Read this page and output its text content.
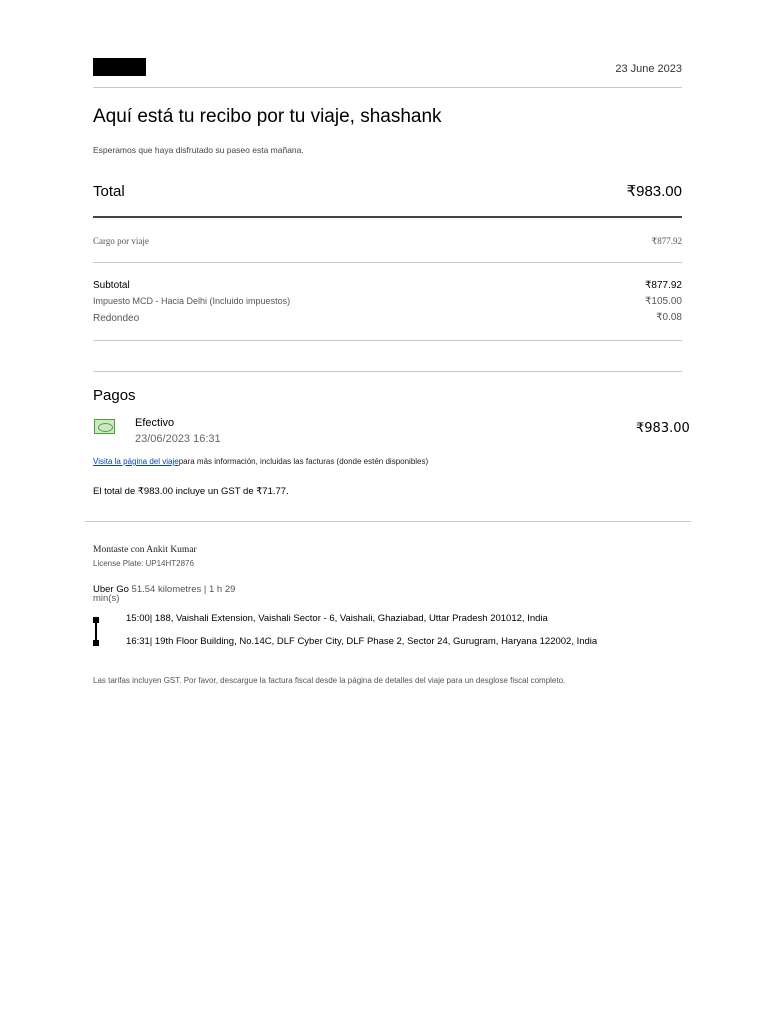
23 June 2023
Aquí está tu recibo por tu viaje, shashank
Esperamos que haya disfrutado su paseo esta mañana.
Total	₹983.00
Cargo por viaje	₹877.92
Subtotal	₹877.92
Impuesto MCD - Hacia Delhi (Incluido impuestos)	₹105.00
Redondeo	₹0.08
Pagos
Efectivo
23/06/2023 16:31
₹983.00
Visita la página del viajepara más información, incluidas las facturas (donde estén disponibles)
El total de ₹983.00 incluye un GST de ₹71.77.
Montaste con Ankit Kumar
License Plate: UP14HT2876
Uber Go 51.54 kilometres | 1 h 29 min(s)
15:00| 188, Vaishali Extension, Vaishali Sector - 6, Vaishali, Ghaziabad, Uttar Pradesh 201012, India
16:31| 19th Floor Building, No.14C, DLF Cyber City, DLF Phase 2, Sector 24, Gurugram, Haryana 122002, India
Las tarifas incluyen GST. Por favor, descargue la factura fiscal desde la página de detalles del viaje para un desglose fiscal completo.
